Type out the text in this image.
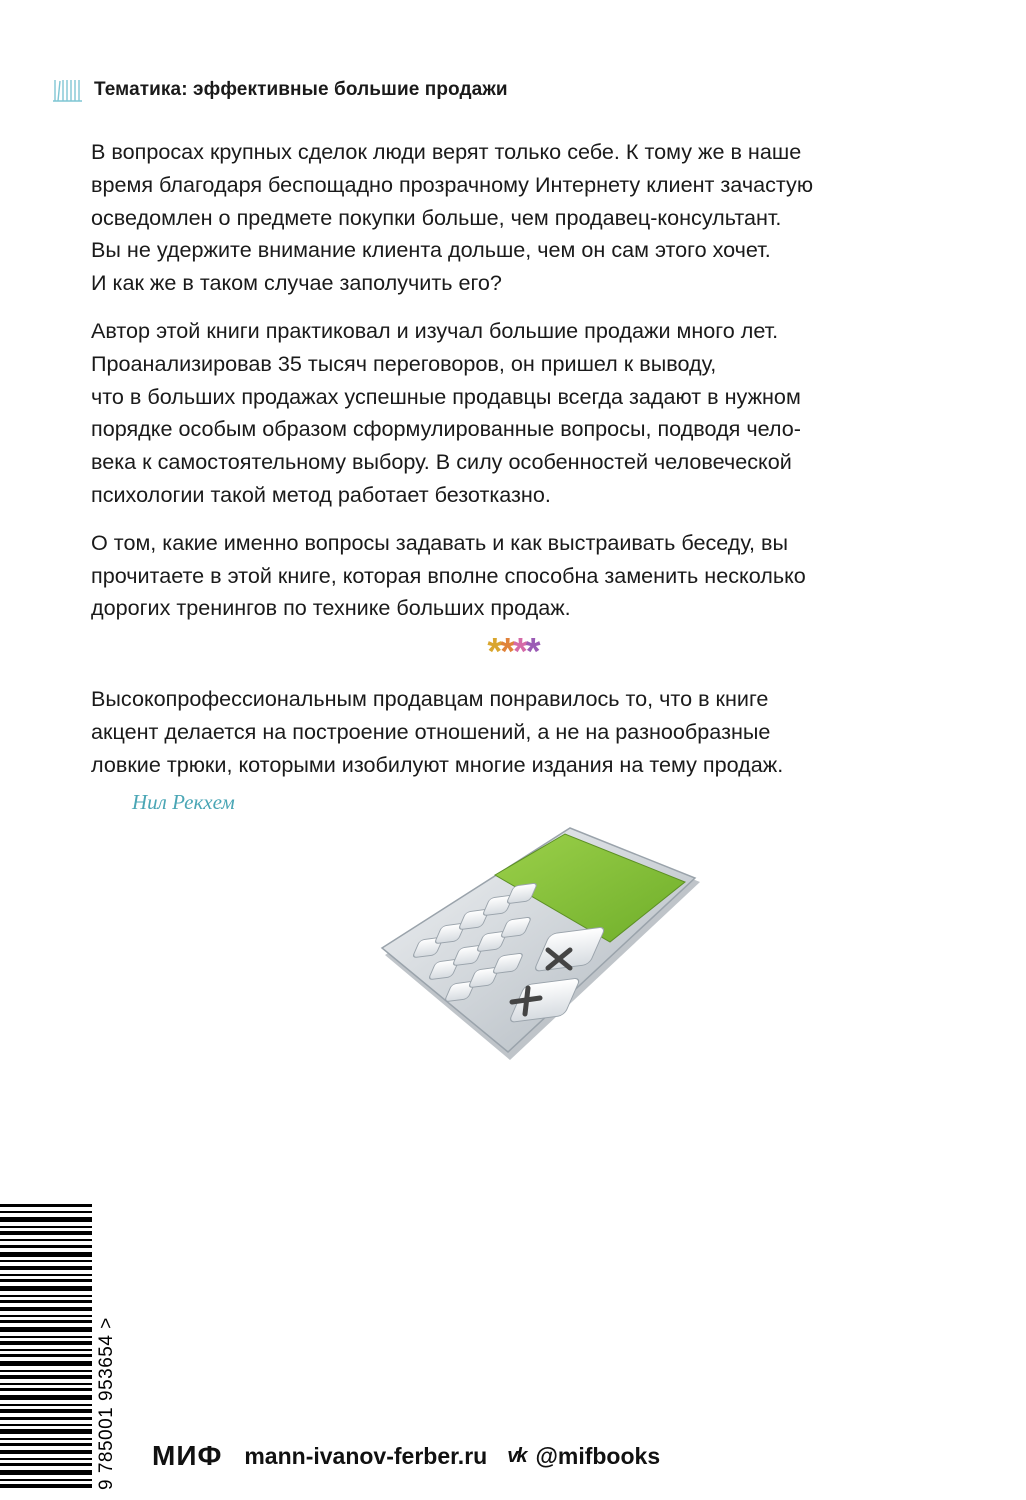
Тематика: эффективные большие продажи

В вопросах крупных сделок люди верят только себе. К тому же в наше
время благодаря беспощадно прозрачному Интернету клиент зачастую
осведомлен о предмете покупки больше, чем продавец-консультант.
Вы не удержите внимание клиента дольше, чем он сам этого хочет.
И как же в таком случае заполучить его?

Автор этой книги практиковал и изучал большие продажи много лет.
Проанализировав 35 тысяч переговоров, он пришел к выводу,
что в больших продажах успешные продавцы всегда задают в нужном
порядке особым образом сформулированные вопросы, подводя чело-
века к самостоятельному выбору. В силу особенностей человеческой
психологии такой метод работает безотказно.

О том, какие именно вопросы задавать и как выстраивать беседу, вы
прочитаете в этой книге, которая вполне способна заменить несколько
дорогих тренингов по технике больших продаж.

****

Высокопрофессиональным продавцам понравилось то, что в книге
акцент делается на построение отношений, а не на разнообразные
ловкие трюки, которыми изобилуют многие издания на тему продаж.

Нил Рекхем
9 785001 953654 > МИФ mann-ivanov-ferber.ru vk @mifbooks
